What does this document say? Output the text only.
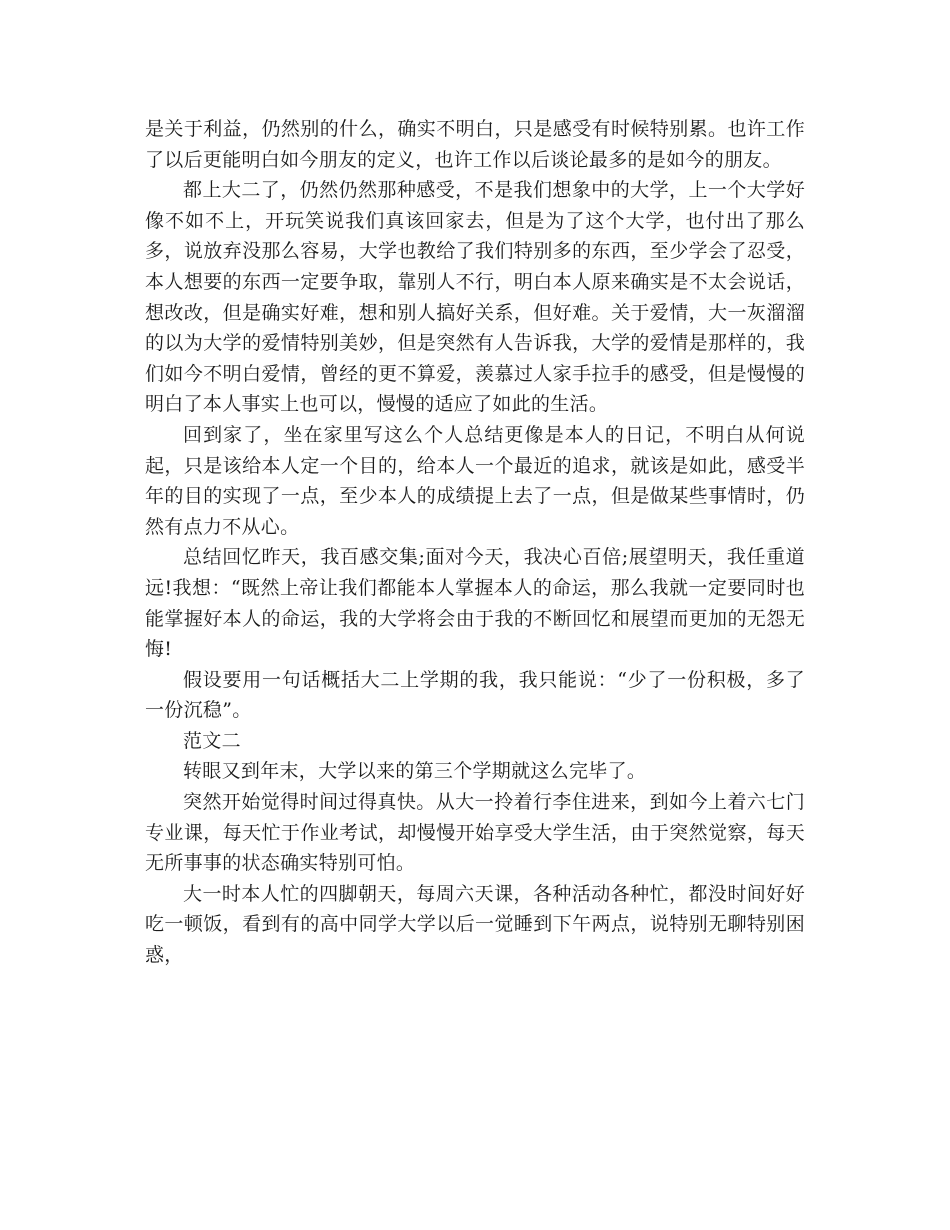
是关于利益，仍然别的什么，确实不明白，只是感受有时候特别累。也许工作了以后更能明白如今朋友的定义，也许工作以后谈论最多的是如今的朋友。

都上大二了，仍然仍然那种感受，不是我们想象中的大学，上一个大学好像不如不上，开玩笑说我们真该回家去，但是为了这个大学，也付出了那么多，说放弃没那么容易，大学也教给了我们特别多的东西，至少学会了忍受，本人想要的东西一定要争取，靠别人不行，明白本人原来确实是不太会说话，想改改，但是确实好难，想和别人搞好关系，但好难。关于爱情，大一灰溜溜的以为大学的爱情特别美妙，但是突然有人告诉我，大学的爱情是那样的，我们如今不明白爱情，曾经的更不算爱，羡慕过人家手拉手的感受，但是慢慢的明白了本人事实上也可以，慢慢的适应了如此的生活。

回到家了，坐在家里写这么个人总结更像是本人的日记，不明白从何说起，只是该给本人定一个目的，给本人一个最近的追求，就该是如此，感受半年的目的实现了一点，至少本人的成绩提上去了一点，但是做某些事情时，仍然有点力不从心。

总结回忆昨天，我百感交集;面对今天，我决心百倍;展望明天，我任重道远!我想：“既然上帝让我们都能本人掌握本人的命运，那么我就一定要同时也能掌握好本人的命运，我的大学将会由于我的不断回忆和展望而更加的无怨无悔!

假设要用一句话概括大二上学期的我，我只能说：“少了一份积极，多了一份沉稳”。

范文二

转眼又到年末，大学以来的第三个学期就这么完毕了。

突然开始觉得时间过得真快。从大一拎着行李住进来，到如今上着六七门专业课，每天忙于作业考试，却慢慢开始享受大学生活，由于突然觉察，每天无所事事的状态确实特别可怕。

大一时本人忙的四脚朝天，每周六天课，各种活动各种忙，都没时间好好吃一顿饭，看到有的高中同学大学以后一觉睡到下午两点，说特别无聊特别困惑，
